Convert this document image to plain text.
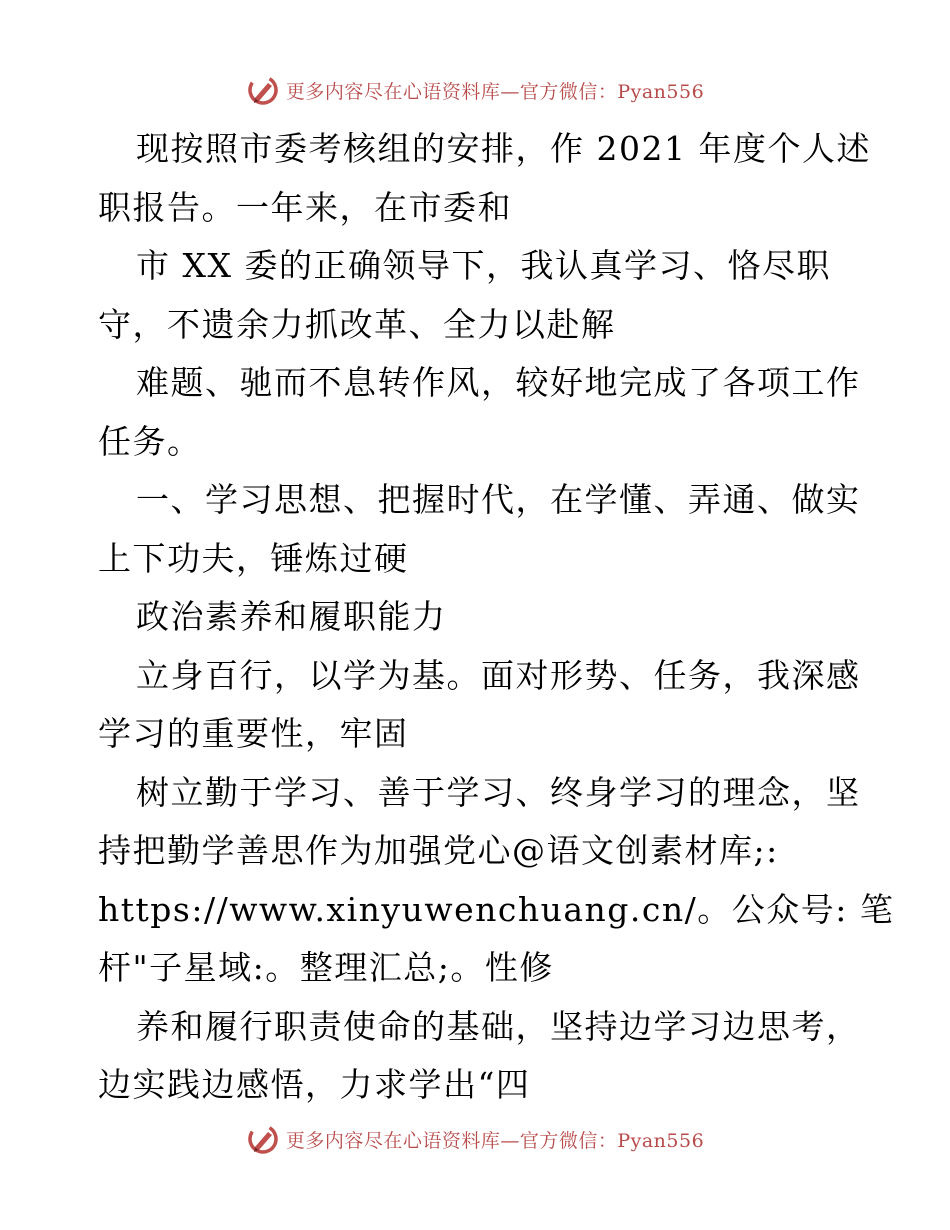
更多内容尽在心语资料库—官方微信：Pyan556
现按照市委考核组的安排，作 2021 年度个人述
职报告。一年来，在市委和
市 XX 委的正确领导下，我认真学习、恪尽职
守，不遗余力抓改革、全力以赴解
难题、驰而不息转作风，较好地完成了各项工作
任务。
一、学习思想、把握时代，在学懂、弄通、做实
上下功夫，锤炼过硬
政治素养和履职能力
立身百行，以学为基。面对形势、任务，我深感
学习的重要性，牢固
树立勤于学习、善于学习、终身学习的理念，坚
持把勤学善思作为加强党心@语文创素材库;:
https://www.xinyuwenchuang.cn/。公众号: 笔
杆"子星域:。整理汇总;。性修
养和履行职责使命的基础，坚持边学习边思考，
边实践边感悟，力求学出“四
更多内容尽在心语资料库—官方微信：Pyan556
